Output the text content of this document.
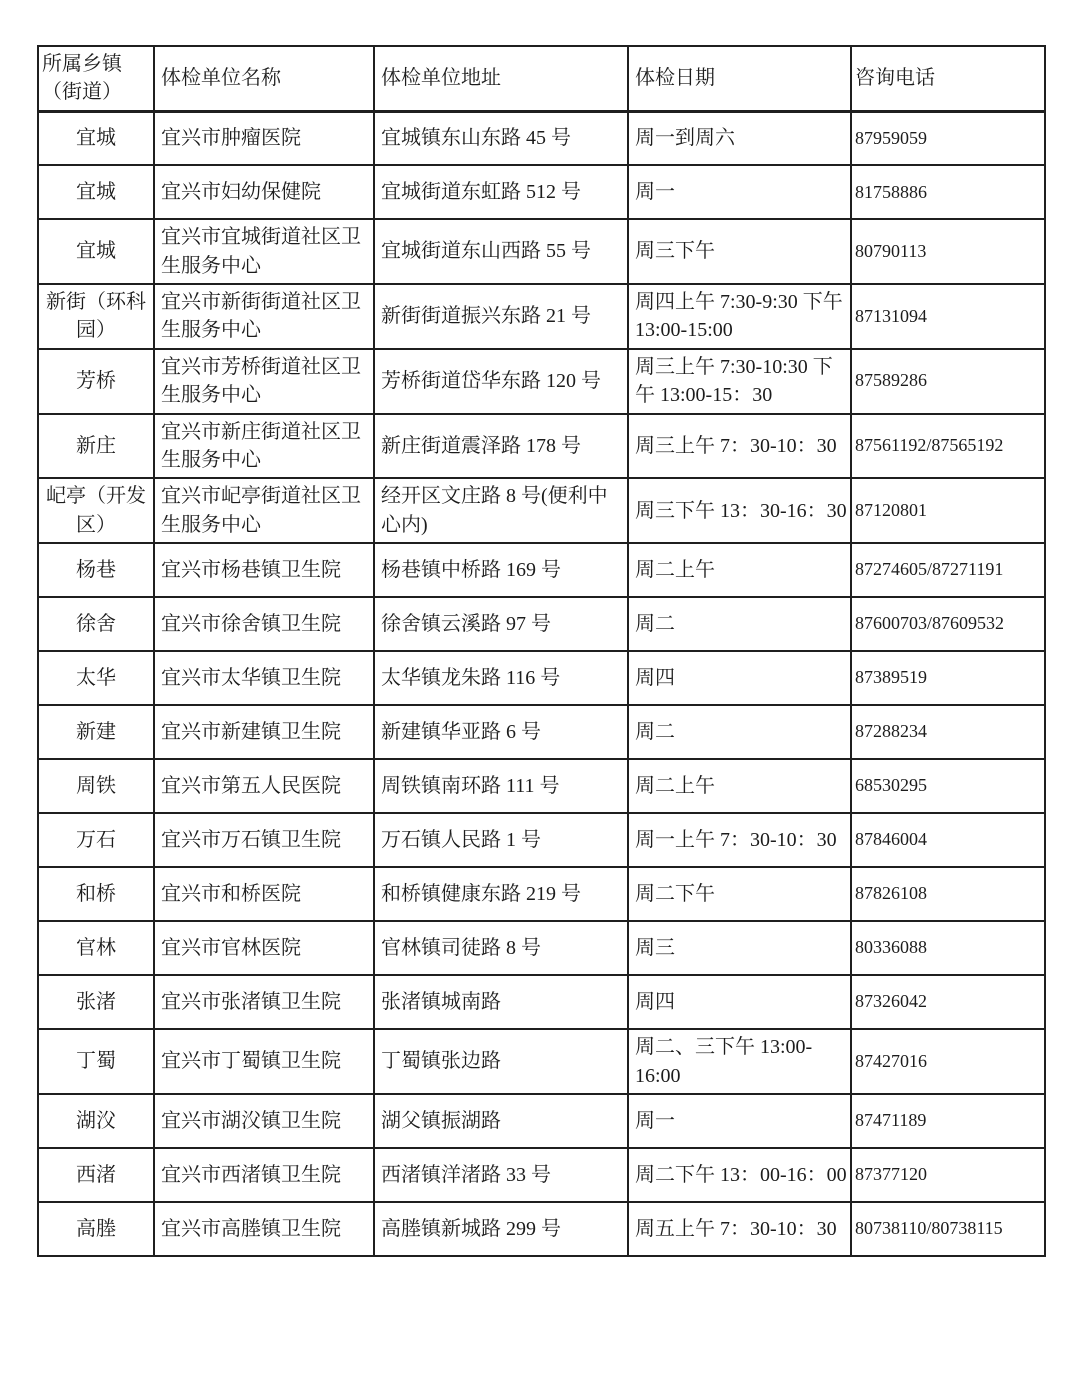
所属乡镇（街道）	体检单位名称	体检单位地址	体检日期	咨询电话
宜城	宜兴市肿瘤医院	宜城镇东山东路 45 号	周一到周六	87959059
宜城	宜兴市妇幼保健院	宜城街道东虹路 512 号	周一	81758886
宜城	宜兴市宜城街道社区卫生服务中心	宜城街道东山西路 55 号	周三下午	80790113
新街（环科园）	宜兴市新街街道社区卫生服务中心	新街街道振兴东路 21 号	周四上午 7:30-9:30 下午 13:00-15:00	87131094
芳桥	宜兴市芳桥街道社区卫生服务中心	芳桥街道岱华东路 120 号	周三上午 7:30-10:30 下午 13:00-15：30	87589286
新庄	宜兴市新庄街道社区卫生服务中心	新庄街道震泽路 178 号	周三上午 7：30-10：30	87561192/87565192
屺亭（开发区）	宜兴市屺亭街道社区卫生服务中心	经开区文庄路 8 号(便利中心内)	周三下午 13：30-16：30	87120801
杨巷	宜兴市杨巷镇卫生院	杨巷镇中桥路 169 号	周二上午	87274605/87271191
徐舍	宜兴市徐舍镇卫生院	徐舍镇云溪路 97 号	周二	87600703/87609532
太华	宜兴市太华镇卫生院	太华镇龙朱路 116 号	周四	87389519
新建	宜兴市新建镇卫生院	新建镇华亚路 6 号	周二	87288234
周铁	宜兴市第五人民医院	周铁镇南环路 111 号	周二上午	68530295
万石	宜兴市万石镇卫生院	万石镇人民路 1 号	周一上午 7：30-10：30	87846004
和桥	宜兴市和桥医院	和桥镇健康东路 219 号	周二下午	87826108
官林	宜兴市官林医院	官林镇司徒路 8 号	周三	80336088
张渚	宜兴市张渚镇卫生院	张渚镇城南路	周四	87326042
丁蜀	宜兴市丁蜀镇卫生院	丁蜀镇张边路	周二、三下午 13:00-16:00	87427016
湖㳇	宜兴市湖㳇镇卫生院	湖父镇振湖路	周一	87471189
西渚	宜兴市西渚镇卫生院	西渚镇洋渚路 33 号	周二下午 13：00-16：00	87377120
高塍	宜兴市高塍镇卫生院	高塍镇新城路 299 号	周五上午 7：30-10：30	80738110/80738115
